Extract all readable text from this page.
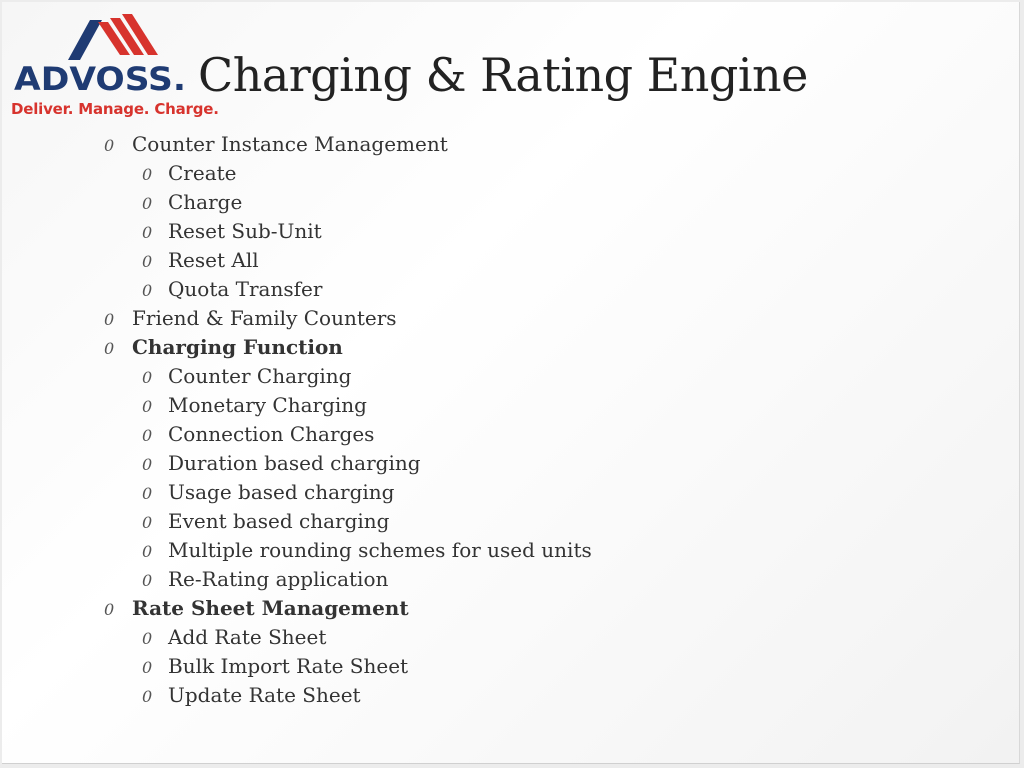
ADVOSS.
Deliver. Manage. Charge.
Charging & Rating Engine
0 Counter Instance Management
0 Create
0 Charge
0 Reset Sub-Unit
0 Reset All
0 Quota Transfer
0 Friend & Family Counters
0 Charging Function
0 Counter Charging
0 Monetary Charging
0 Connection Charges
0 Duration based charging
0 Usage based charging
0 Event based charging
0 Multiple rounding schemes for used units
0 Re-Rating application
0 Rate Sheet Management
0 Add Rate Sheet
0 Bulk Import Rate Sheet
0 Update Rate Sheet
